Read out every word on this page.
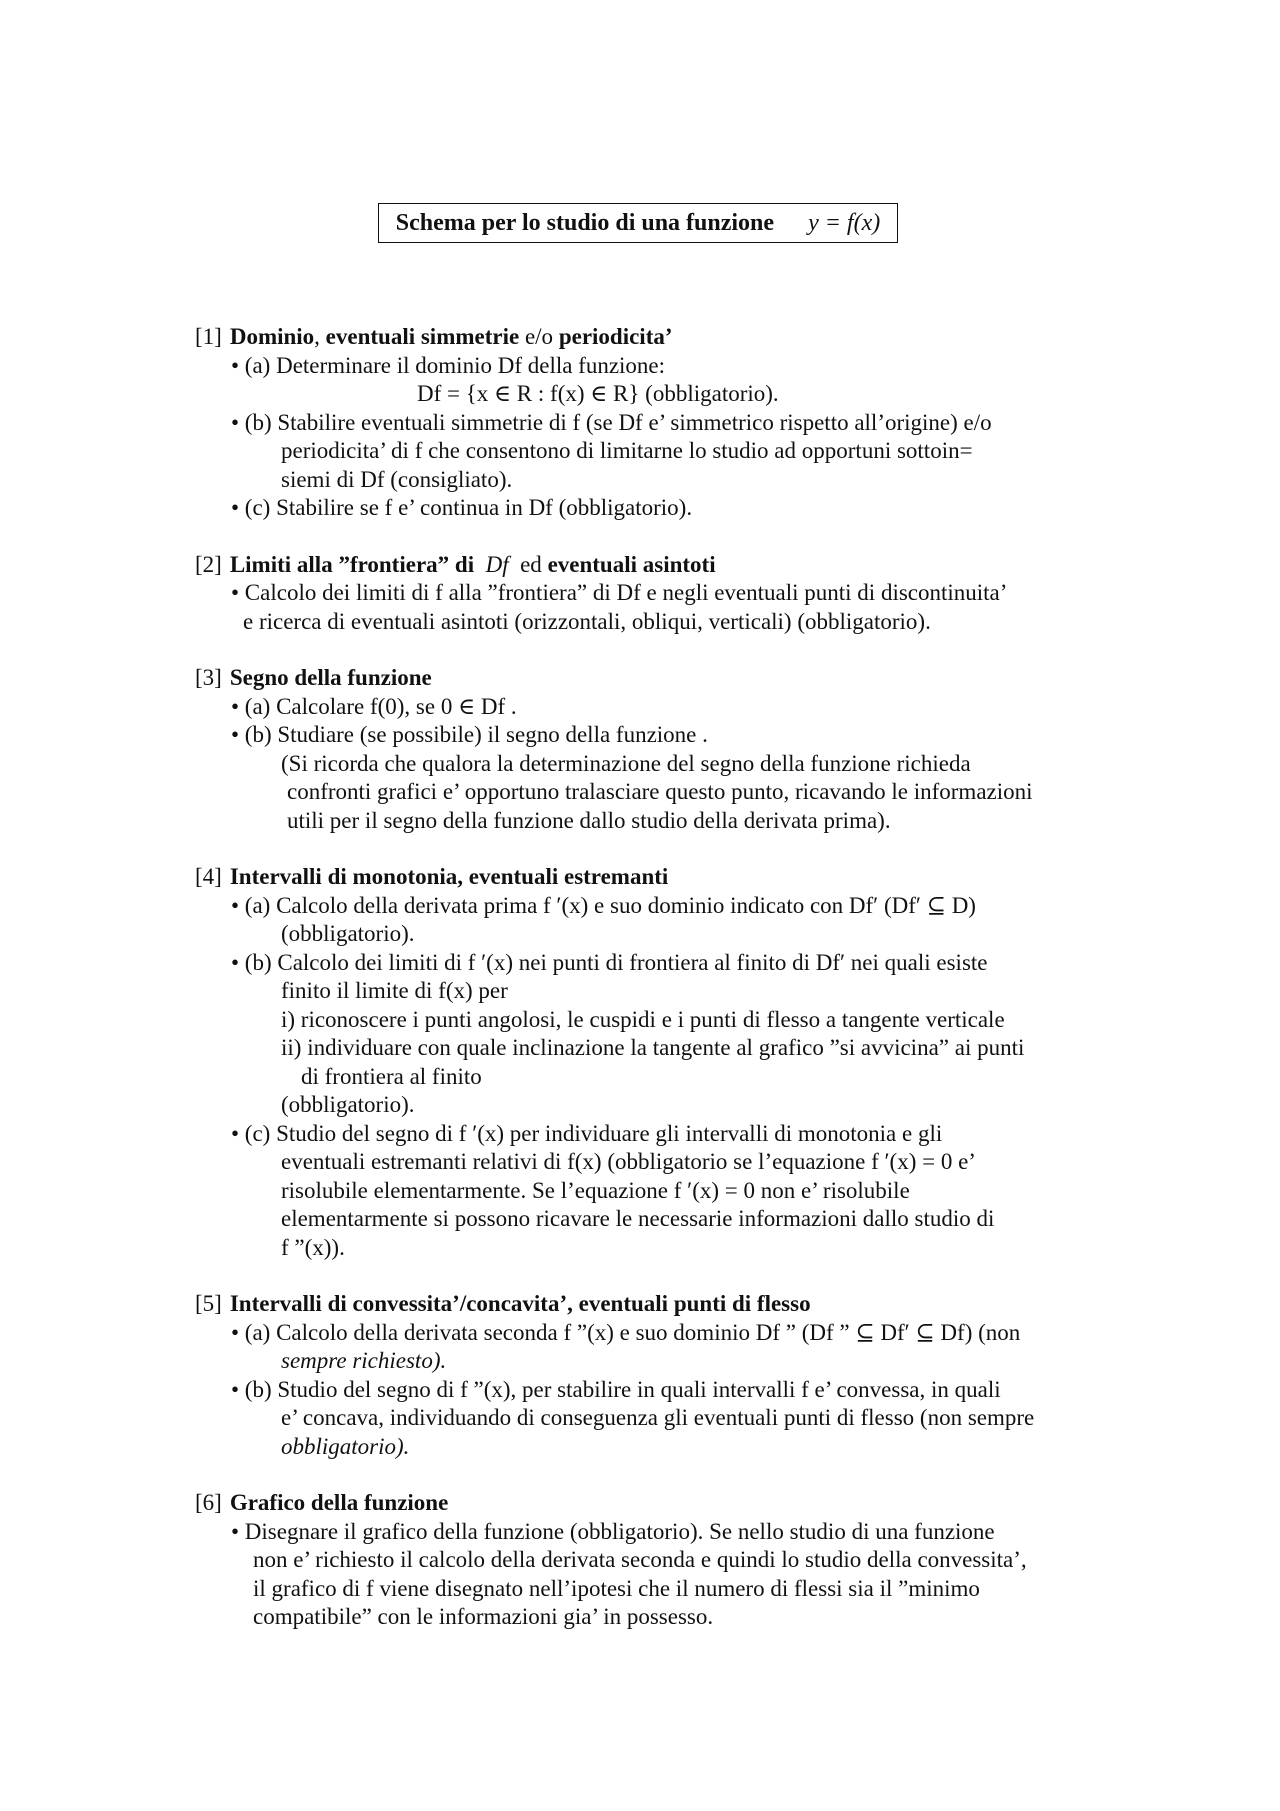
Schema per lo studio di una funzione y = f(x)
[1] Dominio, eventuali simmetrie e/o periodicita’
• (a) Determinare il dominio Df della funzione:
Df = {x ∈ R : f(x) ∈ R} (obbligatorio).
• (b) Stabilire eventuali simmetrie di f (se Df e’ simmetrico rispetto all’origine) e/o
periodicita’ di f che consentono di limitarne lo studio ad opportuni sottoin=
siemi di Df (consigliato).
• (c) Stabilire se f e’ continua in Df (obbligatorio).
[2] Limiti alla ”frontiera” di Df ed eventuali asintoti
• Calcolo dei limiti di f alla ”frontiera” di Df e negli eventuali punti di discontinuita’
e ricerca di eventuali asintoti (orizzontali, obliqui, verticali) (obbligatorio).
[3] Segno della funzione
• (a) Calcolare f(0), se 0 ∈ Df .
• (b) Studiare (se possibile) il segno della funzione .
(Si ricorda che qualora la determinazione del segno della funzione richieda
confronti grafici e’ opportuno tralasciare questo punto, ricavando le informazioni
utili per il segno della funzione dallo studio della derivata prima).
[4] Intervalli di monotonia, eventuali estremanti
• (a) Calcolo della derivata prima f ′(x) e suo dominio indicato con Df′ (Df′ ⊆ D)
(obbligatorio).
• (b) Calcolo dei limiti di f ′(x) nei punti di frontiera al finito di Df′ nei quali esiste
finito il limite di f(x) per
i) riconoscere i punti angolosi, le cuspidi e i punti di flesso a tangente verticale
ii) individuare con quale inclinazione la tangente al grafico ”si avvicina” ai punti
di frontiera al finito
(obbligatorio).
• (c) Studio del segno di f ′(x) per individuare gli intervalli di monotonia e gli
eventuali estremanti relativi di f(x) (obbligatorio se l’equazione f ′(x) = 0 e’
risolubile elementarmente. Se l’equazione f ′(x) = 0 non e’ risolubile
elementarmente si possono ricavare le necessarie informazioni dallo studio di
f ”(x)).
[5] Intervalli di convessita’/concavita’, eventuali punti di flesso
• (a) Calcolo della derivata seconda f ”(x) e suo dominio Df ” (Df ” ⊆ Df′ ⊆ Df) (non
sempre richiesto).
• (b) Studio del segno di f ”(x), per stabilire in quali intervalli f e’ convessa, in quali
e’ concava, individuando di conseguenza gli eventuali punti di flesso (non sempre
obbligatorio).
[6] Grafico della funzione
• Disegnare il grafico della funzione (obbligatorio). Se nello studio di una funzione
non e’ richiesto il calcolo della derivata seconda e quindi lo studio della convessita’,
il grafico di f viene disegnato nell’ipotesi che il numero di flessi sia il ”minimo
compatibile” con le informazioni gia’ in possesso.
